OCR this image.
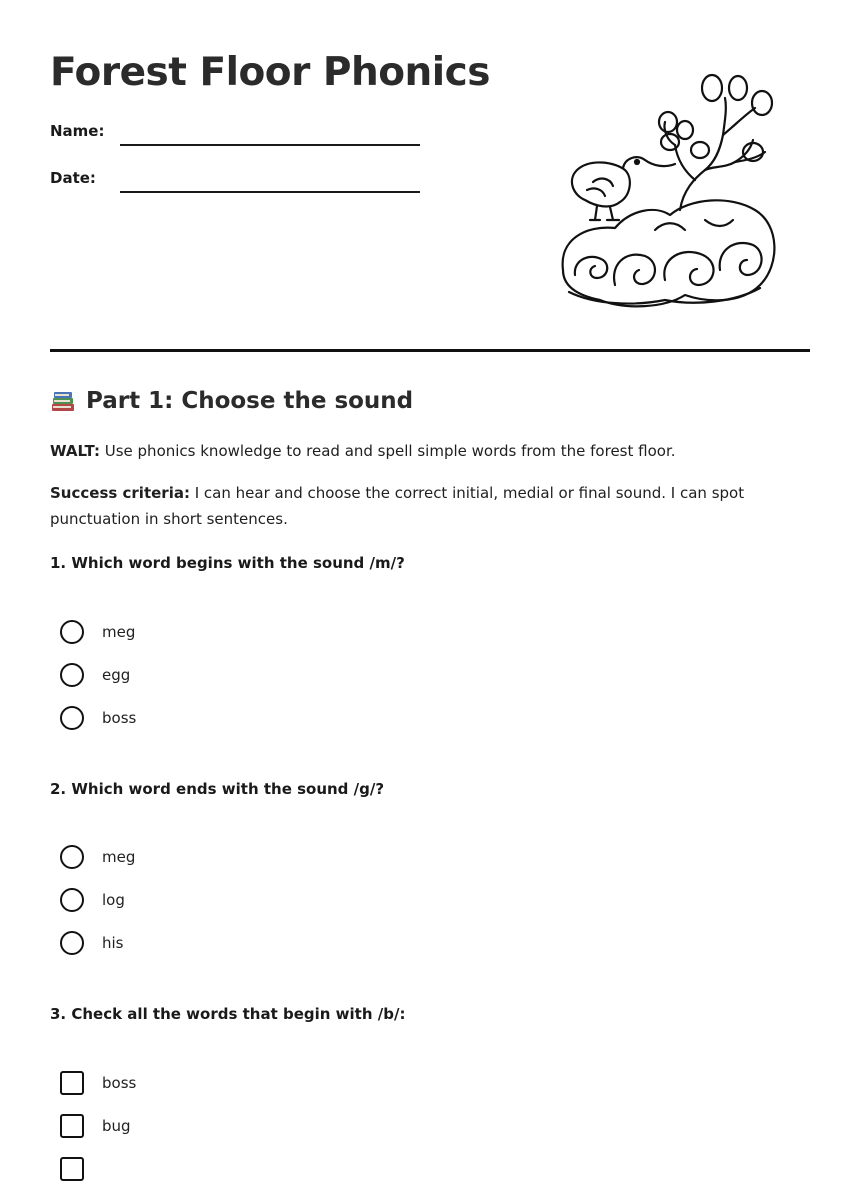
Forest Floor Phonics
Name:
Date:
Part 1: Choose the sound

WALT: Use phonics knowledge to read and spell simple words from the forest floor.

Success criteria: I can hear and choose the correct initial, medial or final sound. I can spot punctuation in short sentences.

1. Which word begins with the sound /m/?

meg
egg
boss

2. Which word ends with the sound /g/?

meg
log
his

3. Check all the words that begin with /b/:

boss
bug
